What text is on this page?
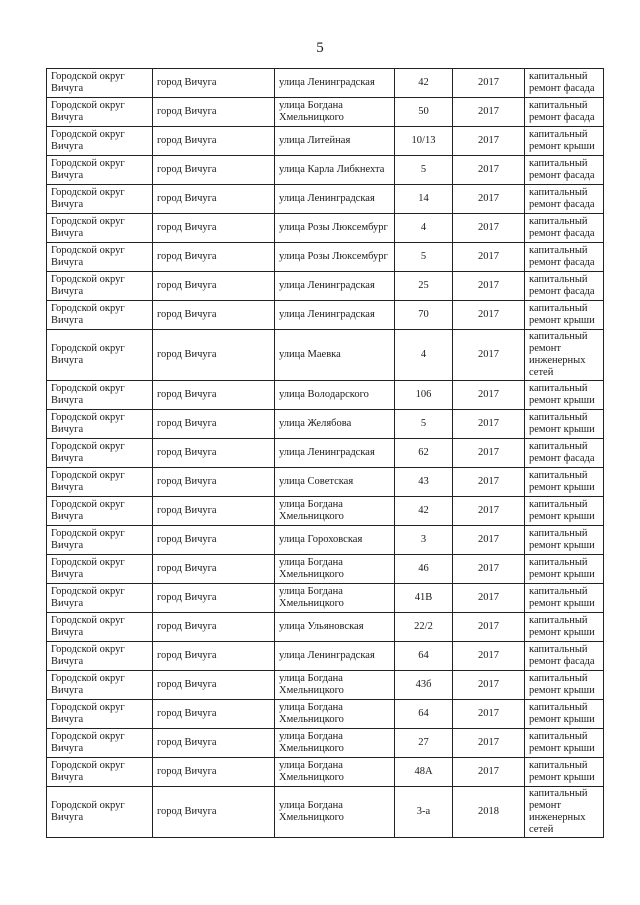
5
Городской округ Вичуга	город Вичуга	улица Ленинградская	42	2017	капитальный ремонт фасада
Городской округ Вичуга	город Вичуга	улица Богдана Хмельницкого	50	2017	капитальный ремонт фасада
Городской округ Вичуга	город Вичуга	улица Литейная	10/13	2017	капитальный ремонт крыши
Городской округ Вичуга	город Вичуга	улица Карла Либкнехта	5	2017	капитальный ремонт фасада
Городской округ Вичуга	город Вичуга	улица Ленинградская	14	2017	капитальный ремонт фасада
Городской округ Вичуга	город Вичуга	улица Розы Люксембург	4	2017	капитальный ремонт фасада
Городской округ Вичуга	город Вичуга	улица Розы Люксембург	5	2017	капитальный ремонт фасада
Городской округ Вичуга	город Вичуга	улица Ленинградская	25	2017	капитальный ремонт фасада
Городской округ Вичуга	город Вичуга	улица Ленинградская	70	2017	капитальный ремонт крыши
Городской округ Вичуга	город Вичуга	улица Маевка	4	2017	капитальный ремонт инженерных сетей
Городской округ Вичуга	город Вичуга	улица Володарского	106	2017	капитальный ремонт крыши
Городской округ Вичуга	город Вичуга	улица Желябова	5	2017	капитальный ремонт крыши
Городской округ Вичуга	город Вичуга	улица Ленинградская	62	2017	капитальный ремонт фасада
Городской округ Вичуга	город Вичуга	улица Советская	43	2017	капитальный ремонт крыши
Городской округ Вичуга	город Вичуга	улица Богдана Хмельницкого	42	2017	капитальный ремонт крыши
Городской округ Вичуга	город Вичуга	улица Гороховская	3	2017	капитальный ремонт крыши
Городской округ Вичуга	город Вичуга	улица Богдана Хмельницкого	46	2017	капитальный ремонт крыши
Городской округ Вичуга	город Вичуга	улица Богдана Хмельницкого	41В	2017	капитальный ремонт крыши
Городской округ Вичуга	город Вичуга	улица Ульяновская	22/2	2017	капитальный ремонт крыши
Городской округ Вичуга	город Вичуга	улица Ленинградская	64	2017	капитальный ремонт фасада
Городской округ Вичуга	город Вичуга	улица Богдана Хмельницкого	43б	2017	капитальный ремонт крыши
Городской округ Вичуга	город Вичуга	улица Богдана Хмельницкого	64	2017	капитальный ремонт крыши
Городской округ Вичуга	город Вичуга	улица Богдана Хмельницкого	27	2017	капитальный ремонт крыши
Городской округ Вичуга	город Вичуга	улица Богдана Хмельницкого	48А	2017	капитальный ремонт крыши
Городской округ Вичуга	город Вичуга	улица Богдана Хмельницкого	3-а	2018	капитальный ремонт инженерных сетей
